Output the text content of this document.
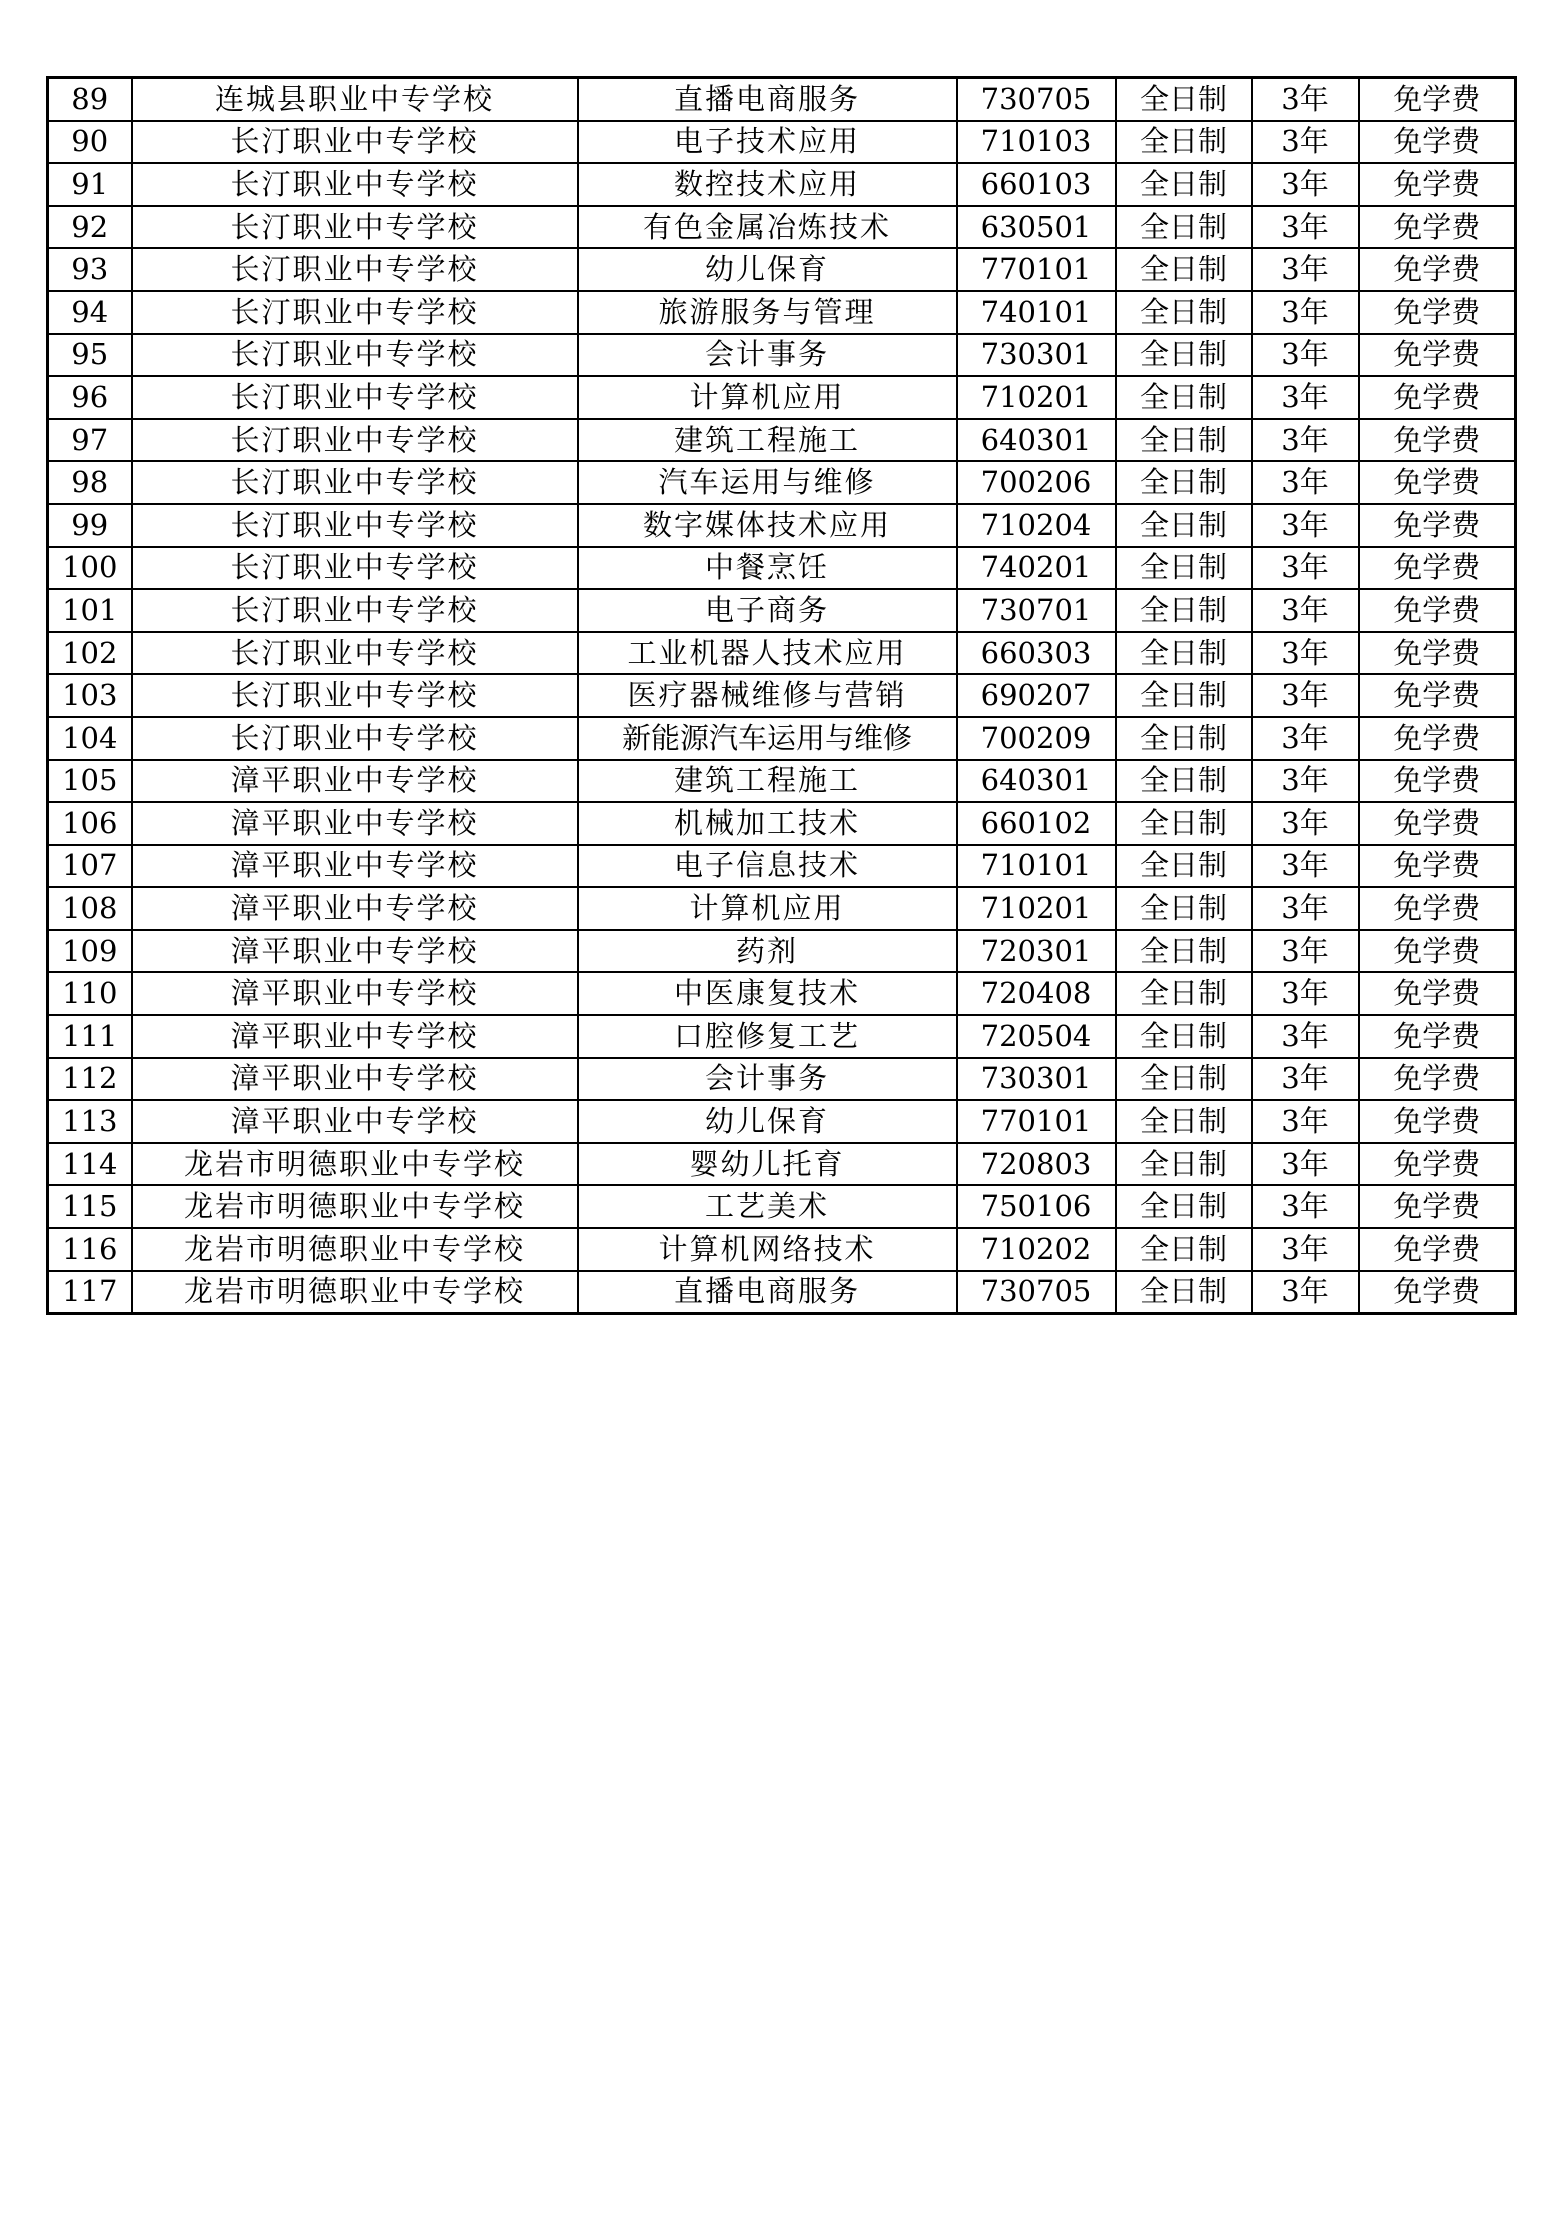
89	连城县职业中专学校	直播电商服务	730705	全日制	3年	免学费
90	长汀职业中专学校	电子技术应用	710103	全日制	3年	免学费
91	长汀职业中专学校	数控技术应用	660103	全日制	3年	免学费
92	长汀职业中专学校	有色金属冶炼技术	630501	全日制	3年	免学费
93	长汀职业中专学校	幼儿保育	770101	全日制	3年	免学费
94	长汀职业中专学校	旅游服务与管理	740101	全日制	3年	免学费
95	长汀职业中专学校	会计事务	730301	全日制	3年	免学费
96	长汀职业中专学校	计算机应用	710201	全日制	3年	免学费
97	长汀职业中专学校	建筑工程施工	640301	全日制	3年	免学费
98	长汀职业中专学校	汽车运用与维修	700206	全日制	3年	免学费
99	长汀职业中专学校	数字媒体技术应用	710204	全日制	3年	免学费
100	长汀职业中专学校	中餐烹饪	740201	全日制	3年	免学费
101	长汀职业中专学校	电子商务	730701	全日制	3年	免学费
102	长汀职业中专学校	工业机器人技术应用	660303	全日制	3年	免学费
103	长汀职业中专学校	医疗器械维修与营销	690207	全日制	3年	免学费
104	长汀职业中专学校	新能源汽车运用与维修	700209	全日制	3年	免学费
105	漳平职业中专学校	建筑工程施工	640301	全日制	3年	免学费
106	漳平职业中专学校	机械加工技术	660102	全日制	3年	免学费
107	漳平职业中专学校	电子信息技术	710101	全日制	3年	免学费
108	漳平职业中专学校	计算机应用	710201	全日制	3年	免学费
109	漳平职业中专学校	药剂	720301	全日制	3年	免学费
110	漳平职业中专学校	中医康复技术	720408	全日制	3年	免学费
111	漳平职业中专学校	口腔修复工艺	720504	全日制	3年	免学费
112	漳平职业中专学校	会计事务	730301	全日制	3年	免学费
113	漳平职业中专学校	幼儿保育	770101	全日制	3年	免学费
114	龙岩市明德职业中专学校	婴幼儿托育	720803	全日制	3年	免学费
115	龙岩市明德职业中专学校	工艺美术	750106	全日制	3年	免学费
116	龙岩市明德职业中专学校	计算机网络技术	710202	全日制	3年	免学费
117	龙岩市明德职业中专学校	直播电商服务	730705	全日制	3年	免学费
